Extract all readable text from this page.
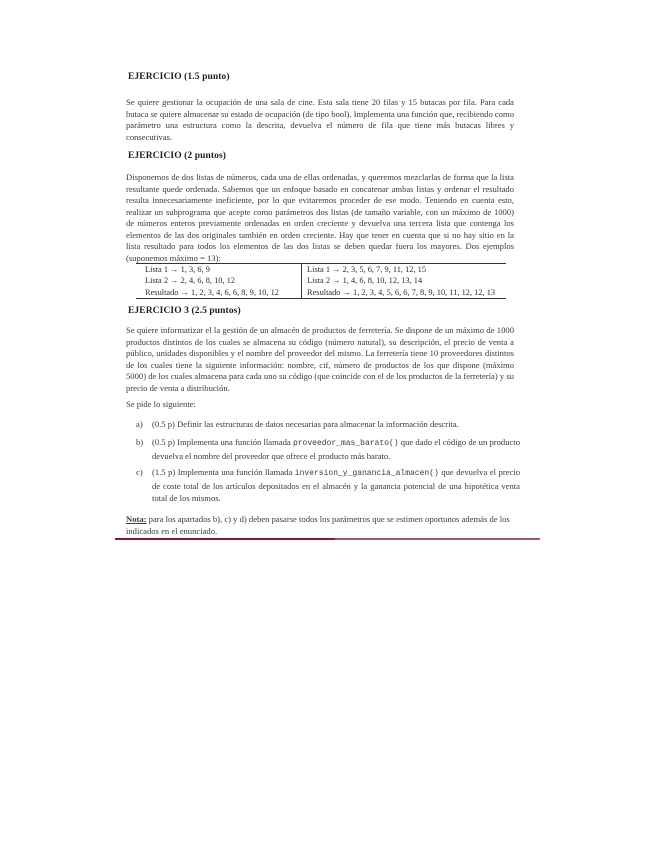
EJERCICIO (1.5 punto)

Se quiere gestionar la ocupación de una sala de cine. Esta sala tiene 20 filas y 15 butacas por fila. Para cada butaca se quiere almacenar su estado de ocupación (de tipo bool). Implementa una función que, recibiendo como parámetro una estructura como la descrita, devuelva el número de fila que tiene más butacas libres y consecutivas.

EJERCICIO (2 puntos)

Disponemos de dos listas de números, cada una de ellas ordenadas, y queremos mezclarlas de forma que la lista resultante quede ordenada. Sabemos que un enfoque basado en concatenar ambas listas y ordenar el resultado resulta innecesariamente ineficiente, por lo que evitaremos proceder de ese modo. Teniendo en cuenta esto, realizar un subprograma que acepte como parámetros dos listas (de tamaño variable, con un máximo de 1000) de números enteros previamente ordenadas en orden creciente y devuelva una tercera lista que contenga los elementos de las dos originales también en orden creciente. Hay que tener en cuenta que si no hay sitio en la lista resultado para todos los elementos de las dos listas se deben quedar fuera los mayores. Dos ejemplos (suponemos máximo = 13):

Lista 1 → 1, 3, 6, 9	Lista 1 → 2, 3, 5, 6, 7, 9, 11, 12, 15
Lista 2 → 2, 4, 6, 8, 10, 12	Lista 2 → 1, 4, 6, 8, 10, 12, 13, 14
Resultado → 1, 2, 3, 4, 6, 6, 8, 9, 10, 12	Resultado → 1, 2, 3, 4, 5, 6, 6, 7, 8, 9, 10, 11, 12, 12, 13
EJERCICIO 3 (2.5 puntos)

Se quiere informatizar el la gestión de un almacén de productos de ferretería. Se dispone de un máximo de 1000 productos distintos de los cuales se almacena su código (número natural), su descripción, el precio de venta a público, unidades disponibles y el nombre del proveedor del mismo. La ferretería tiene 10 proveedores distintos de los cuales tiene la siguiente información: nombre, cif, número de productos de los que dispone (máximo 5000) de los cuales almacena para cada uno su código (que coincide con el de los productos de la ferretería) y su precio de venta a distribución.

Se pide lo siguiente:
a) (0.5 p) Definir las estructuras de datos necesarias para almacenar la información descrita.
b) (0.5 p) Implementa una función llamada proveedor_mas_barato() que dado el código de un producto devuelva el nombre del proveedor que ofrece el producto más barato.
c) (1.5 p) Implementa una función llamada inversion_y_ganancia_almacen() que devuelva el precio de coste total de los artículos depositados en el almacén y la ganancia potencial de una hipotética venta total de los mismos.
Nota: para los apartados b), c) y d) deben pasarse todos los parámetros que se estimen oportunos además de los indicados en el enunciado.
